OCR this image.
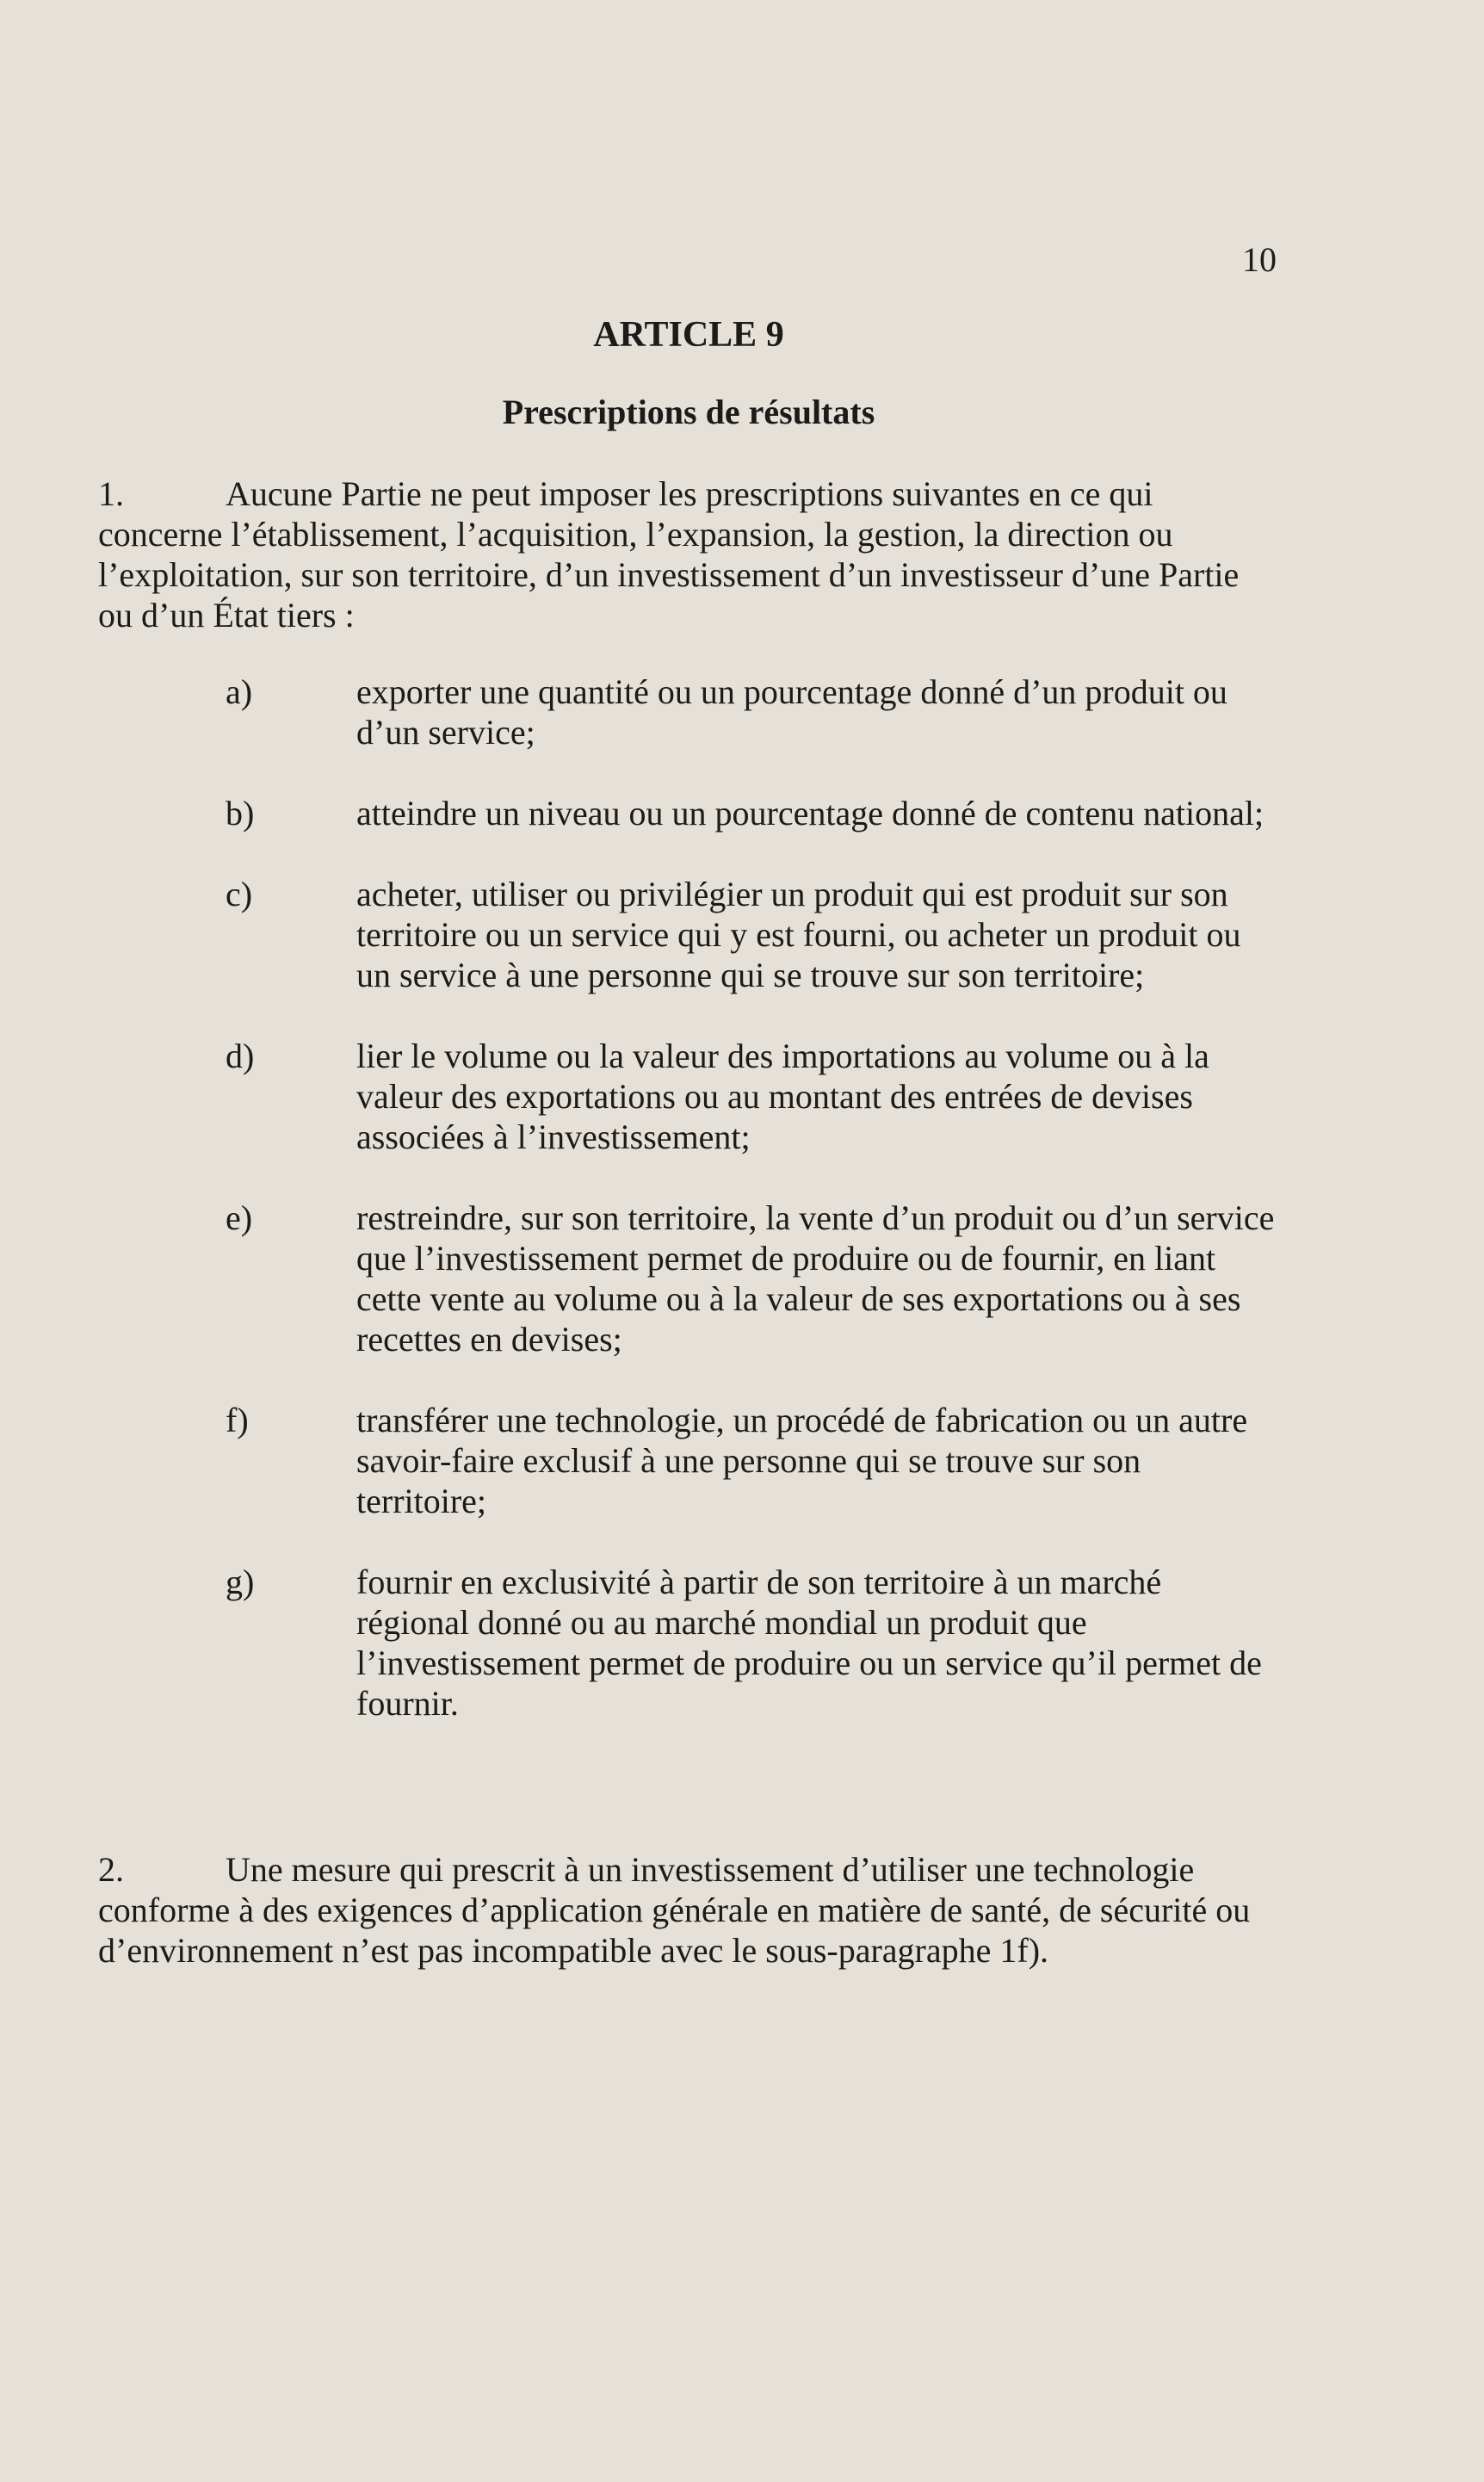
10
ARTICLE 9
Prescriptions de résultats
1.	Aucune Partie ne peut imposer les prescriptions suivantes en ce qui concerne l’établissement, l’acquisition, l’expansion, la gestion, la direction ou l’exploitation, sur son territoire, d’un investissement d’un investisseur d’une Partie ou d’un État tiers :
a)	exporter une quantité ou un pourcentage donné d’un produit ou d’un service;
b)	atteindre un niveau ou un pourcentage donné de contenu national;
c)	acheter, utiliser ou privilégier un produit qui est produit sur son territoire ou un service qui y est fourni, ou acheter un produit ou un service à une personne qui se trouve sur son territoire;
d)	lier le volume ou la valeur des importations au volume ou à la valeur des exportations ou au montant des entrées de devises associées à l’investissement;
e)	restreindre, sur son territoire, la vente d’un produit ou d’un service que l’investissement permet de produire ou de fournir, en liant cette vente au volume ou à la valeur de ses exportations ou à ses recettes en devises;
f)	transférer une technologie, un procédé de fabrication ou un autre savoir-faire exclusif à une personne qui se trouve sur son territoire;
g)	fournir en exclusivité à partir de son territoire à un marché régional donné ou au marché mondial un produit que l’investissement permet de produire ou un service qu’il permet de fournir.
2.	Une mesure qui prescrit à un investissement d’utiliser une technologie conforme à des exigences d’application générale en matière de santé, de sécurité ou d’environnement n’est pas incompatible avec le sous-paragraphe 1f).
